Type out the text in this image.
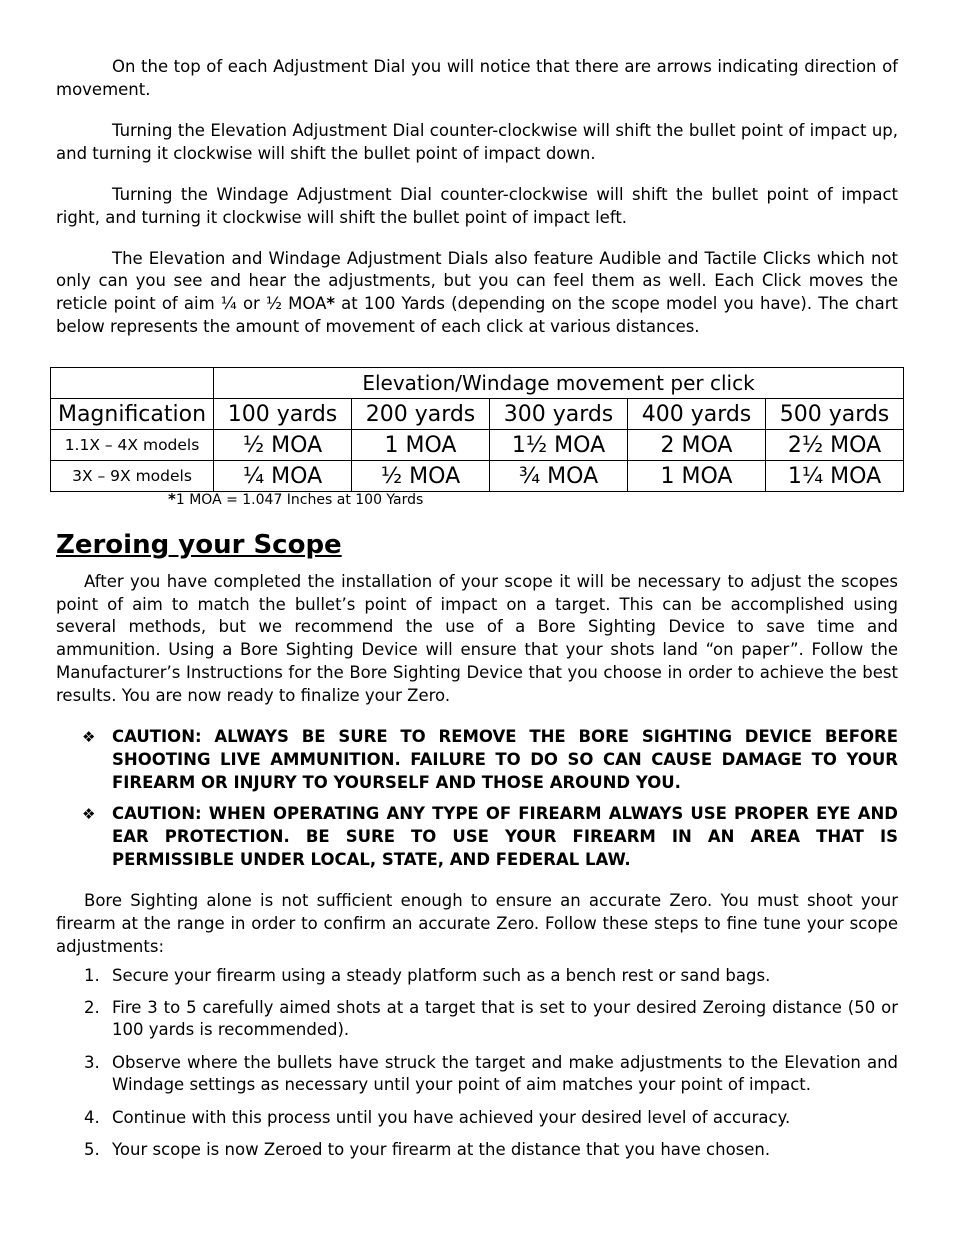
On the top of each Adjustment Dial you will notice that there are arrows indicating direction of movement.

Turning the Elevation Adjustment Dial counter-clockwise will shift the bullet point of impact up, and turning it clockwise will shift the bullet point of impact down.

Turning the Windage Adjustment Dial counter-clockwise will shift the bullet point of impact right, and turning it clockwise will shift the bullet point of impact left.

The Elevation and Windage Adjustment Dials also feature Audible and Tactile Clicks which not only can you see and hear the adjustments, but you can feel them as well. Each Click moves the reticle point of aim ¼ or ½ MOA* at 100 Yards (depending on the scope model you have). The chart below represents the amount of movement of each click at various distances.

	Elevation/Windage movement per click				
Magnification	100 yards	200 yards	300 yards	400 yards	500 yards
1.1X – 4X models	½ MOA	1 MOA	1½ MOA	2 MOA	2½ MOA
3X – 9X models	¼ MOA	½ MOA	¾ MOA	1 MOA	1¼ MOA
*1 MOA = 1.047 Inches at 100 Yards
Zeroing your Scope

After you have completed the installation of your scope it will be necessary to adjust the scopes point of aim to match the bullet’s point of impact on a target. This can be accomplished using several methods, but we recommend the use of a Bore Sighting Device to save time and ammunition. Using a Bore Sighting Device will ensure that your shots land “on paper”. Follow the Manufacturer’s Instructions for the Bore Sighting Device that you choose in order to achieve the best results. You are now ready to finalize your Zero.

❖ CAUTION: ALWAYS BE SURE TO REMOVE THE BORE SIGHTING DEVICE BEFORE SHOOTING LIVE AMMUNITION. FAILURE TO DO SO CAN CAUSE DAMAGE TO YOUR FIREARM OR INJURY TO YOURSELF AND THOSE AROUND YOU.
❖ CAUTION: WHEN OPERATING ANY TYPE OF FIREARM ALWAYS USE PROPER EYE AND EAR PROTECTION. BE SURE TO USE YOUR FIREARM IN AN AREA THAT IS PERMISSIBLE UNDER LOCAL, STATE, AND FEDERAL LAW.

Bore Sighting alone is not sufficient enough to ensure an accurate Zero. You must shoot your firearm at the range in order to confirm an accurate Zero. Follow these steps to fine tune your scope adjustments:

1. Secure your firearm using a steady platform such as a bench rest or sand bags.
2. Fire 3 to 5 carefully aimed shots at a target that is set to your desired Zeroing distance (50 or 100 yards is recommended).
3. Observe where the bullets have struck the target and make adjustments to the Elevation and Windage settings as necessary until your point of aim matches your point of impact.
4. Continue with this process until you have achieved your desired level of accuracy.
5. Your scope is now Zeroed to your firearm at the distance that you have chosen.
